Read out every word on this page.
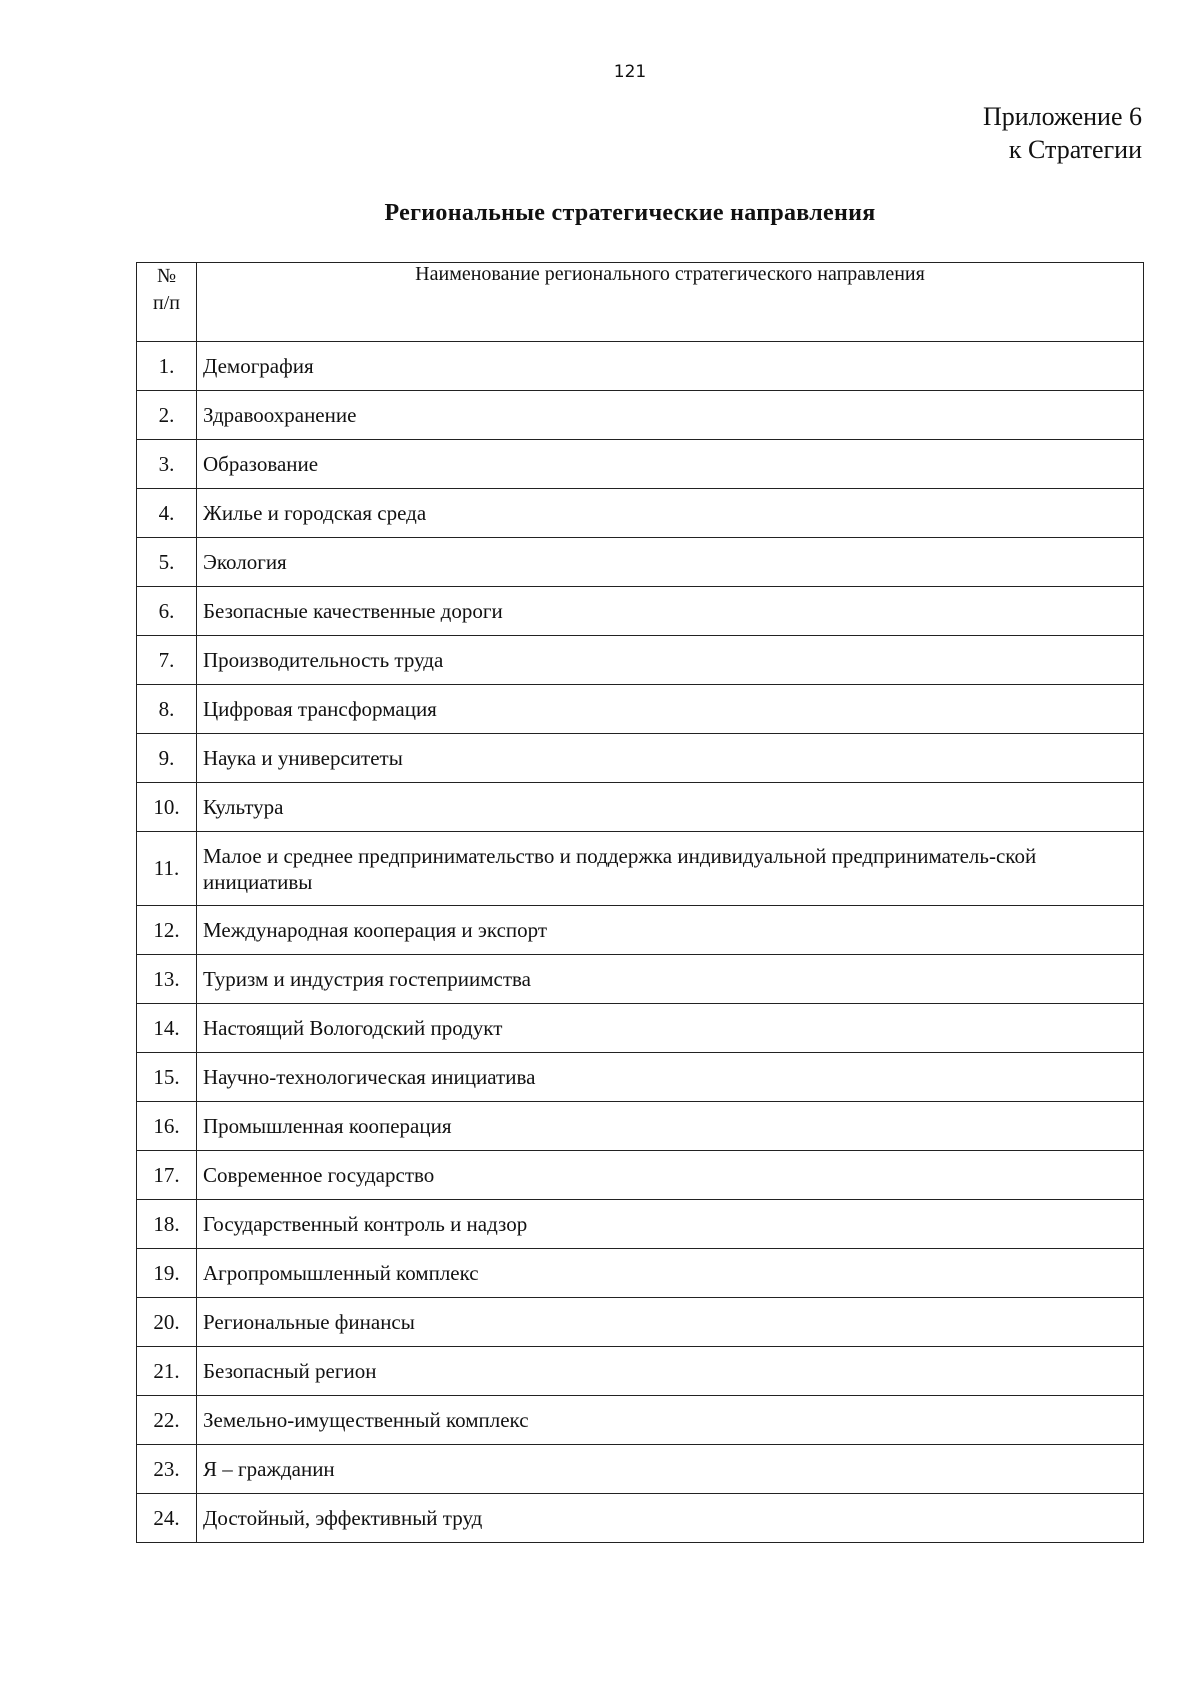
121
Приложение 6
к Стратегии
Региональные стратегические направления
№
п/п	Наименование регионального стратегического направления
1.	Демография
2.	Здравоохранение
3.	Образование
4.	Жилье и городская среда
5.	Экология
6.	Безопасные качественные дороги
7.	Производительность труда
8.	Цифровая трансформация
9.	Наука и университеты
10.	Культура
11.	Малое и среднее предпринимательство и поддержка индивидуальной предприниматель-ской инициативы
12.	Международная кооперация и экспорт
13.	Туризм и индустрия гостеприимства
14.	Настоящий Вологодский продукт
15.	Научно-технологическая инициатива
16.	Промышленная кооперация
17.	Современное государство
18.	Государственный контроль и надзор
19.	Агропромышленный комплекс
20.	Региональные финансы
21.	Безопасный регион
22.	Земельно-имущественный комплекс
23.	Я – гражданин
24.	Достойный, эффективный труд
